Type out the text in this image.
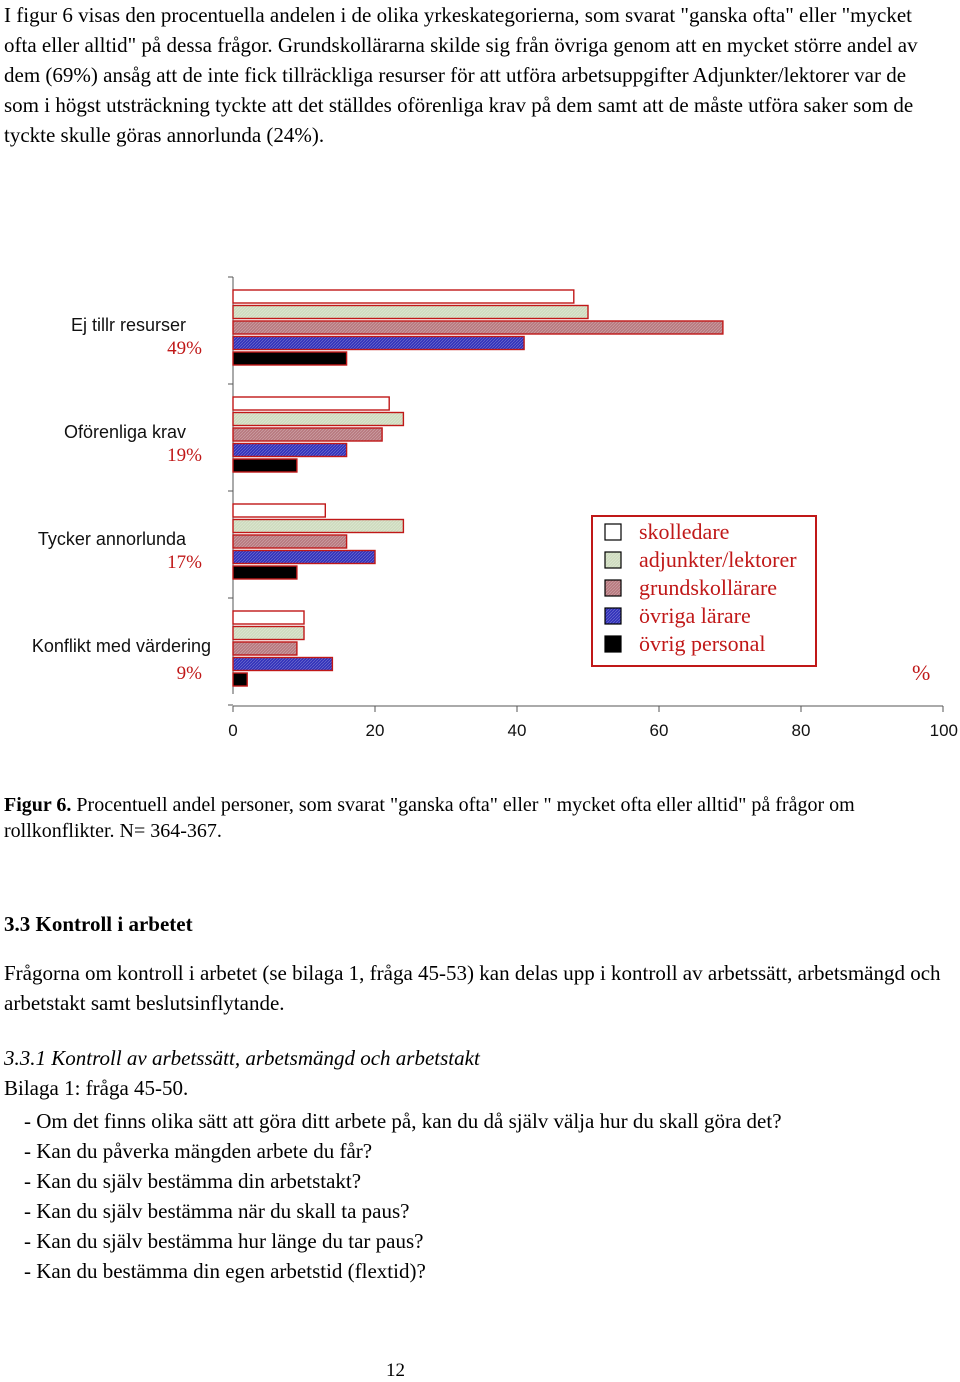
I figur 6 visas den procentuella andelen i de olika yrkeskategorierna, som svarat "ganska ofta" eller "mycket ofta eller alltid" på dessa frågor. Grundskollärarna skilde sig från övriga genom att en mycket större andel av dem (69%) ansåg att de inte fick tillräckliga resurser för att utföra arbetsuppgifter Adjunkter/lektorer var de som i högst utsträckning tyckte att det ställdes oförenliga krav på dem samt att de måste utföra saker som de tyckte skulle göras annorlunda (24%).
0	20	40	60	80	100
Ej tillr resurser
49%
Oförenliga krav
19%
Tycker annorlunda
17%
Konflikt med värdering
9%
skolledare
adjunkter/lektorer
grundskollärare
övriga lärare
övrig personal
%
Figur 6. Procentuell andel personer, som svarat "ganska ofta" eller " mycket ofta eller alltid" på frågor om rollkonflikter. N= 364-367.
3.3 Kontroll i arbetet
Frågorna om kontroll i arbetet (se bilaga 1, fråga 45-53) kan delas upp i kontroll av arbetssätt, arbetsmängd och arbetstakt samt beslutsinflytande.
3.3.1 Kontroll av arbetssätt, arbetsmängd och arbetstakt
Bilaga 1: fråga 45-50.
- Om det finns olika sätt att göra ditt arbete på, kan du då själv välja hur du skall göra det?
- Kan du påverka mängden arbete du får?
- Kan du själv bestämma din arbetstakt?
- Kan du själv bestämma när du skall ta paus?
- Kan du själv bestämma hur länge du tar paus?
- Kan du bestämma din egen arbetstid (flextid)?
12
